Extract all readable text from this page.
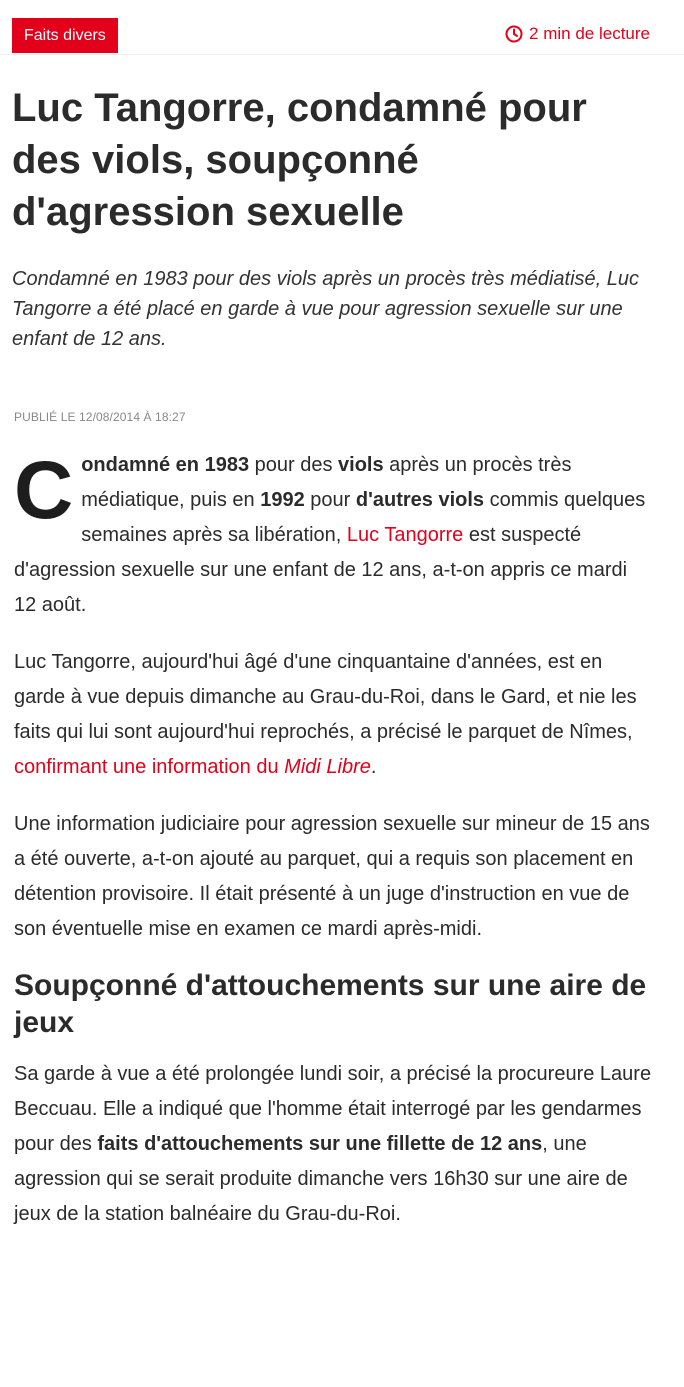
Faits divers	2 min de lecture
Luc Tangorre, condamné pour des viols, soupçonné d'agression sexuelle

Condamné en 1983 pour des viols après un procès très médiatisé, Luc Tangorre a été placé en garde à vue pour agression sexuelle sur une enfant de 12 ans.

PUBLIÉ LE 12/08/2014 À 18:27

Condamné en 1983 pour des viols après un procès très médiatique, puis en 1992 pour d'autres viols commis quelques semaines après sa libération, Luc Tangorre est suspecté d'agression sexuelle sur une enfant de 12 ans, a-t-on appris ce mardi 12 août.

Luc Tangorre, aujourd'hui âgé d'une cinquantaine d'années, est en garde à vue depuis dimanche au Grau-du-Roi, dans le Gard, et nie les faits qui lui sont aujourd'hui reprochés, a précisé le parquet de Nîmes, confirmant une information du Midi Libre.

Une information judiciaire pour agression sexuelle sur mineur de 15 ans a été ouverte, a-t-on ajouté au parquet, qui a requis son placement en détention provisoire. Il était présenté à un juge d'instruction en vue de son éventuelle mise en examen ce mardi après-midi.

Soupçonné d'attouchements sur une aire de jeux

Sa garde à vue a été prolongée lundi soir, a précisé la procureure Laure Beccuau. Elle a indiqué que l'homme était interrogé par les gendarmes pour des faits d'attouchements sur une fillette de 12 ans, une agression qui se serait produite dimanche vers 16h30 sur une aire de jeux de la station balnéaire du Grau-du-Roi.
